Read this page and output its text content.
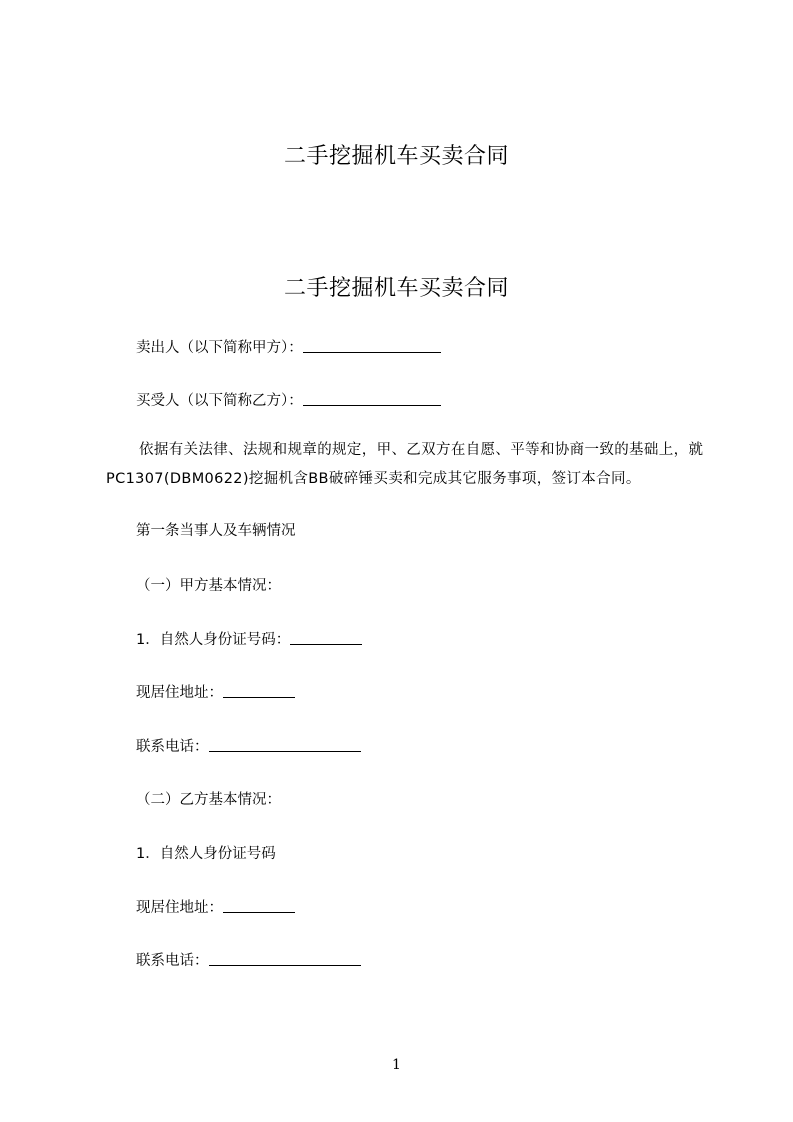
二手挖掘机车买卖合同
二手挖掘机车买卖合同

卖出人（以下简称甲方）：

买受人（以下简称乙方）：

依据有关法律、法规和规章的规定，甲、乙双方在自愿、平等和协商一致的基础上，就PC1307(DBM0622)挖掘机含BB破碎锤买卖和完成其它服务事项，签订本合同。

第一条当事人及车辆情况

（一）甲方基本情况：

1．自然人身份证号码：

现居住地址：

联系电话：

（二）乙方基本情况：

1．自然人身份证号码

现居住地址：

联系电话：

1
